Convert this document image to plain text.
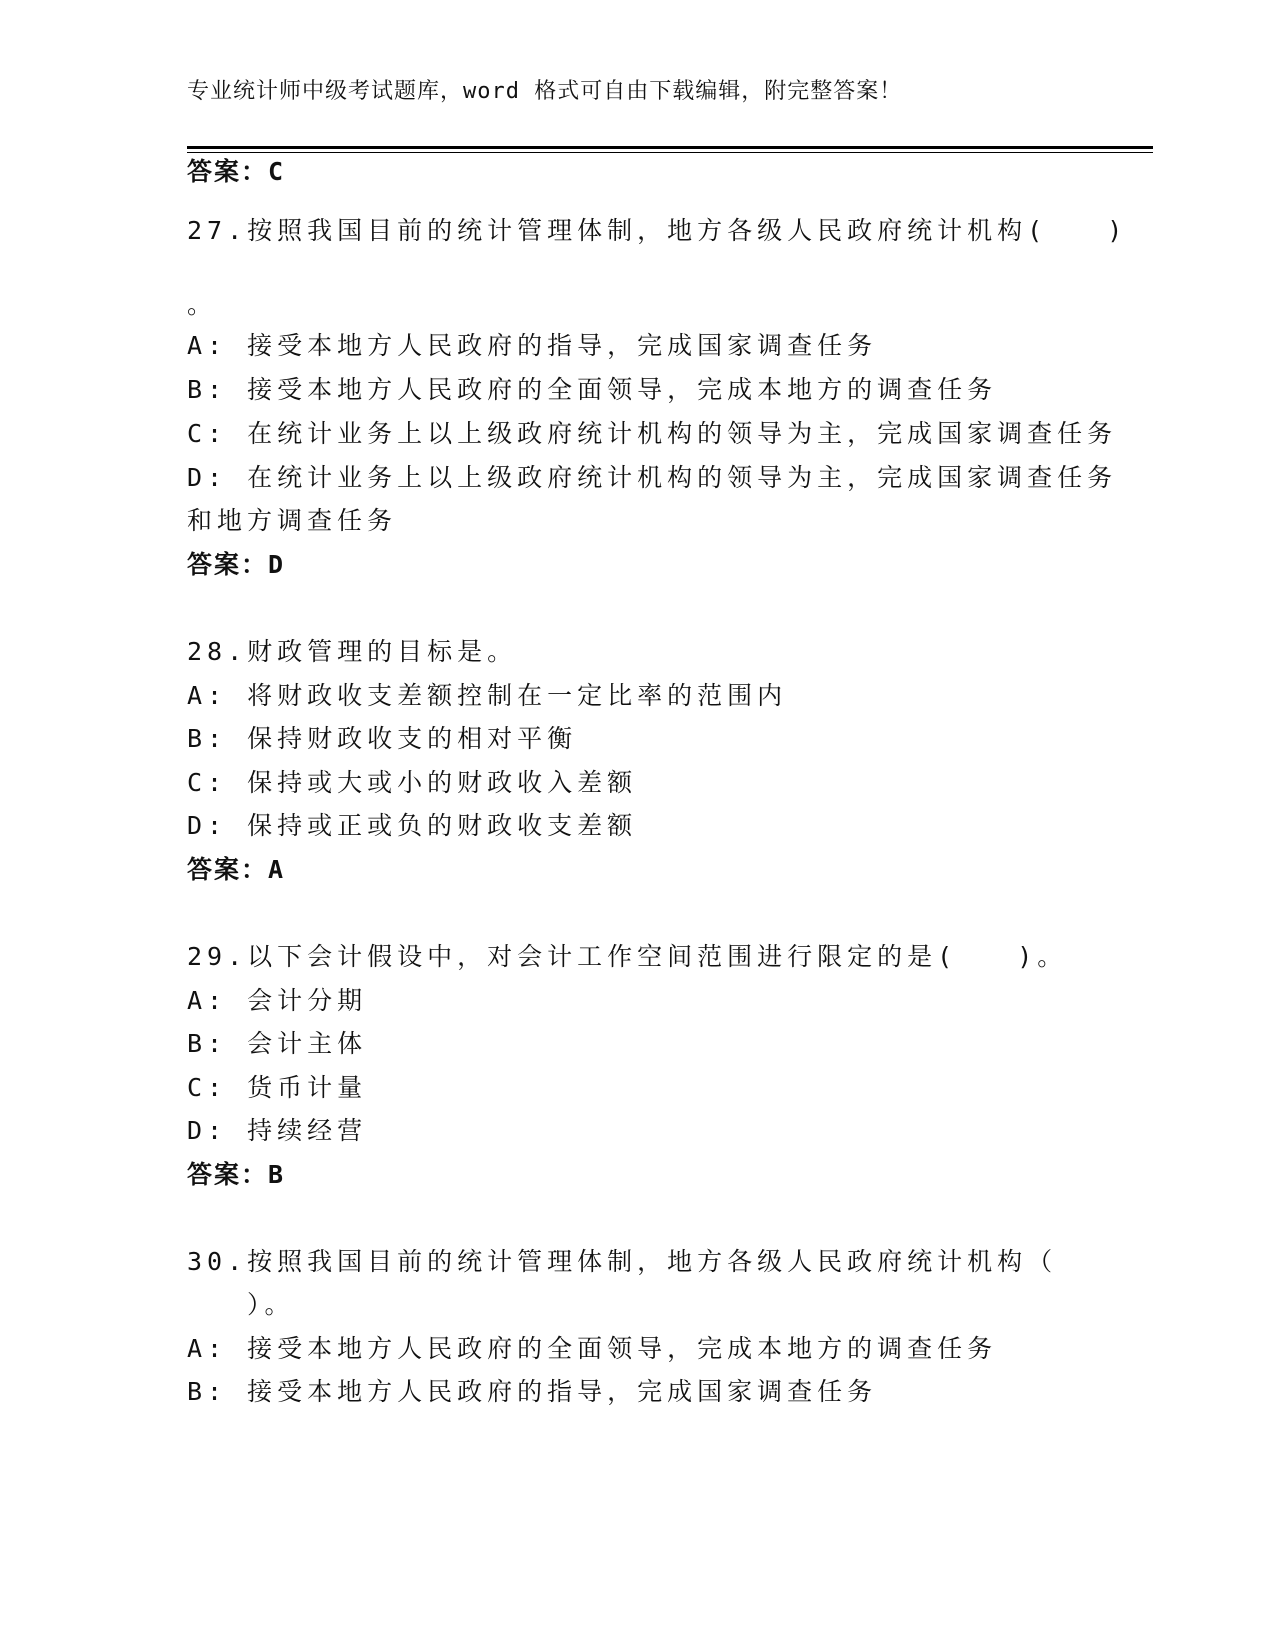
专业统计师中级考试题库，word 格式可自由下载编辑，附完整答案！
答案：C
27.按照我国目前的统计管理体制，地方各级人民政府统计机构(　　)
。
A: 接受本地方人民政府的指导，完成国家调查任务
B: 接受本地方人民政府的全面领导，完成本地方的调查任务
C: 在统计业务上以上级政府统计机构的领导为主，完成国家调查任务
D: 在统计业务上以上级政府统计机构的领导为主，完成国家调查任务
和地方调查任务
答案：D
28.财政管理的目标是。
A: 将财政收支差额控制在一定比率的范围内
B: 保持财政收支的相对平衡
C: 保持或大或小的财政收入差额
D: 保持或正或负的财政收支差额
答案：A
29.以下会计假设中，对会计工作空间范围进行限定的是(　　)。
A: 会计分期
B: 会计主体
C: 货币计量
D: 持续经营
答案：B
30.按照我国目前的统计管理体制，地方各级人民政府统计机构（
　　）。
A: 接受本地方人民政府的全面领导，完成本地方的调查任务
B: 接受本地方人民政府的指导，完成国家调查任务
